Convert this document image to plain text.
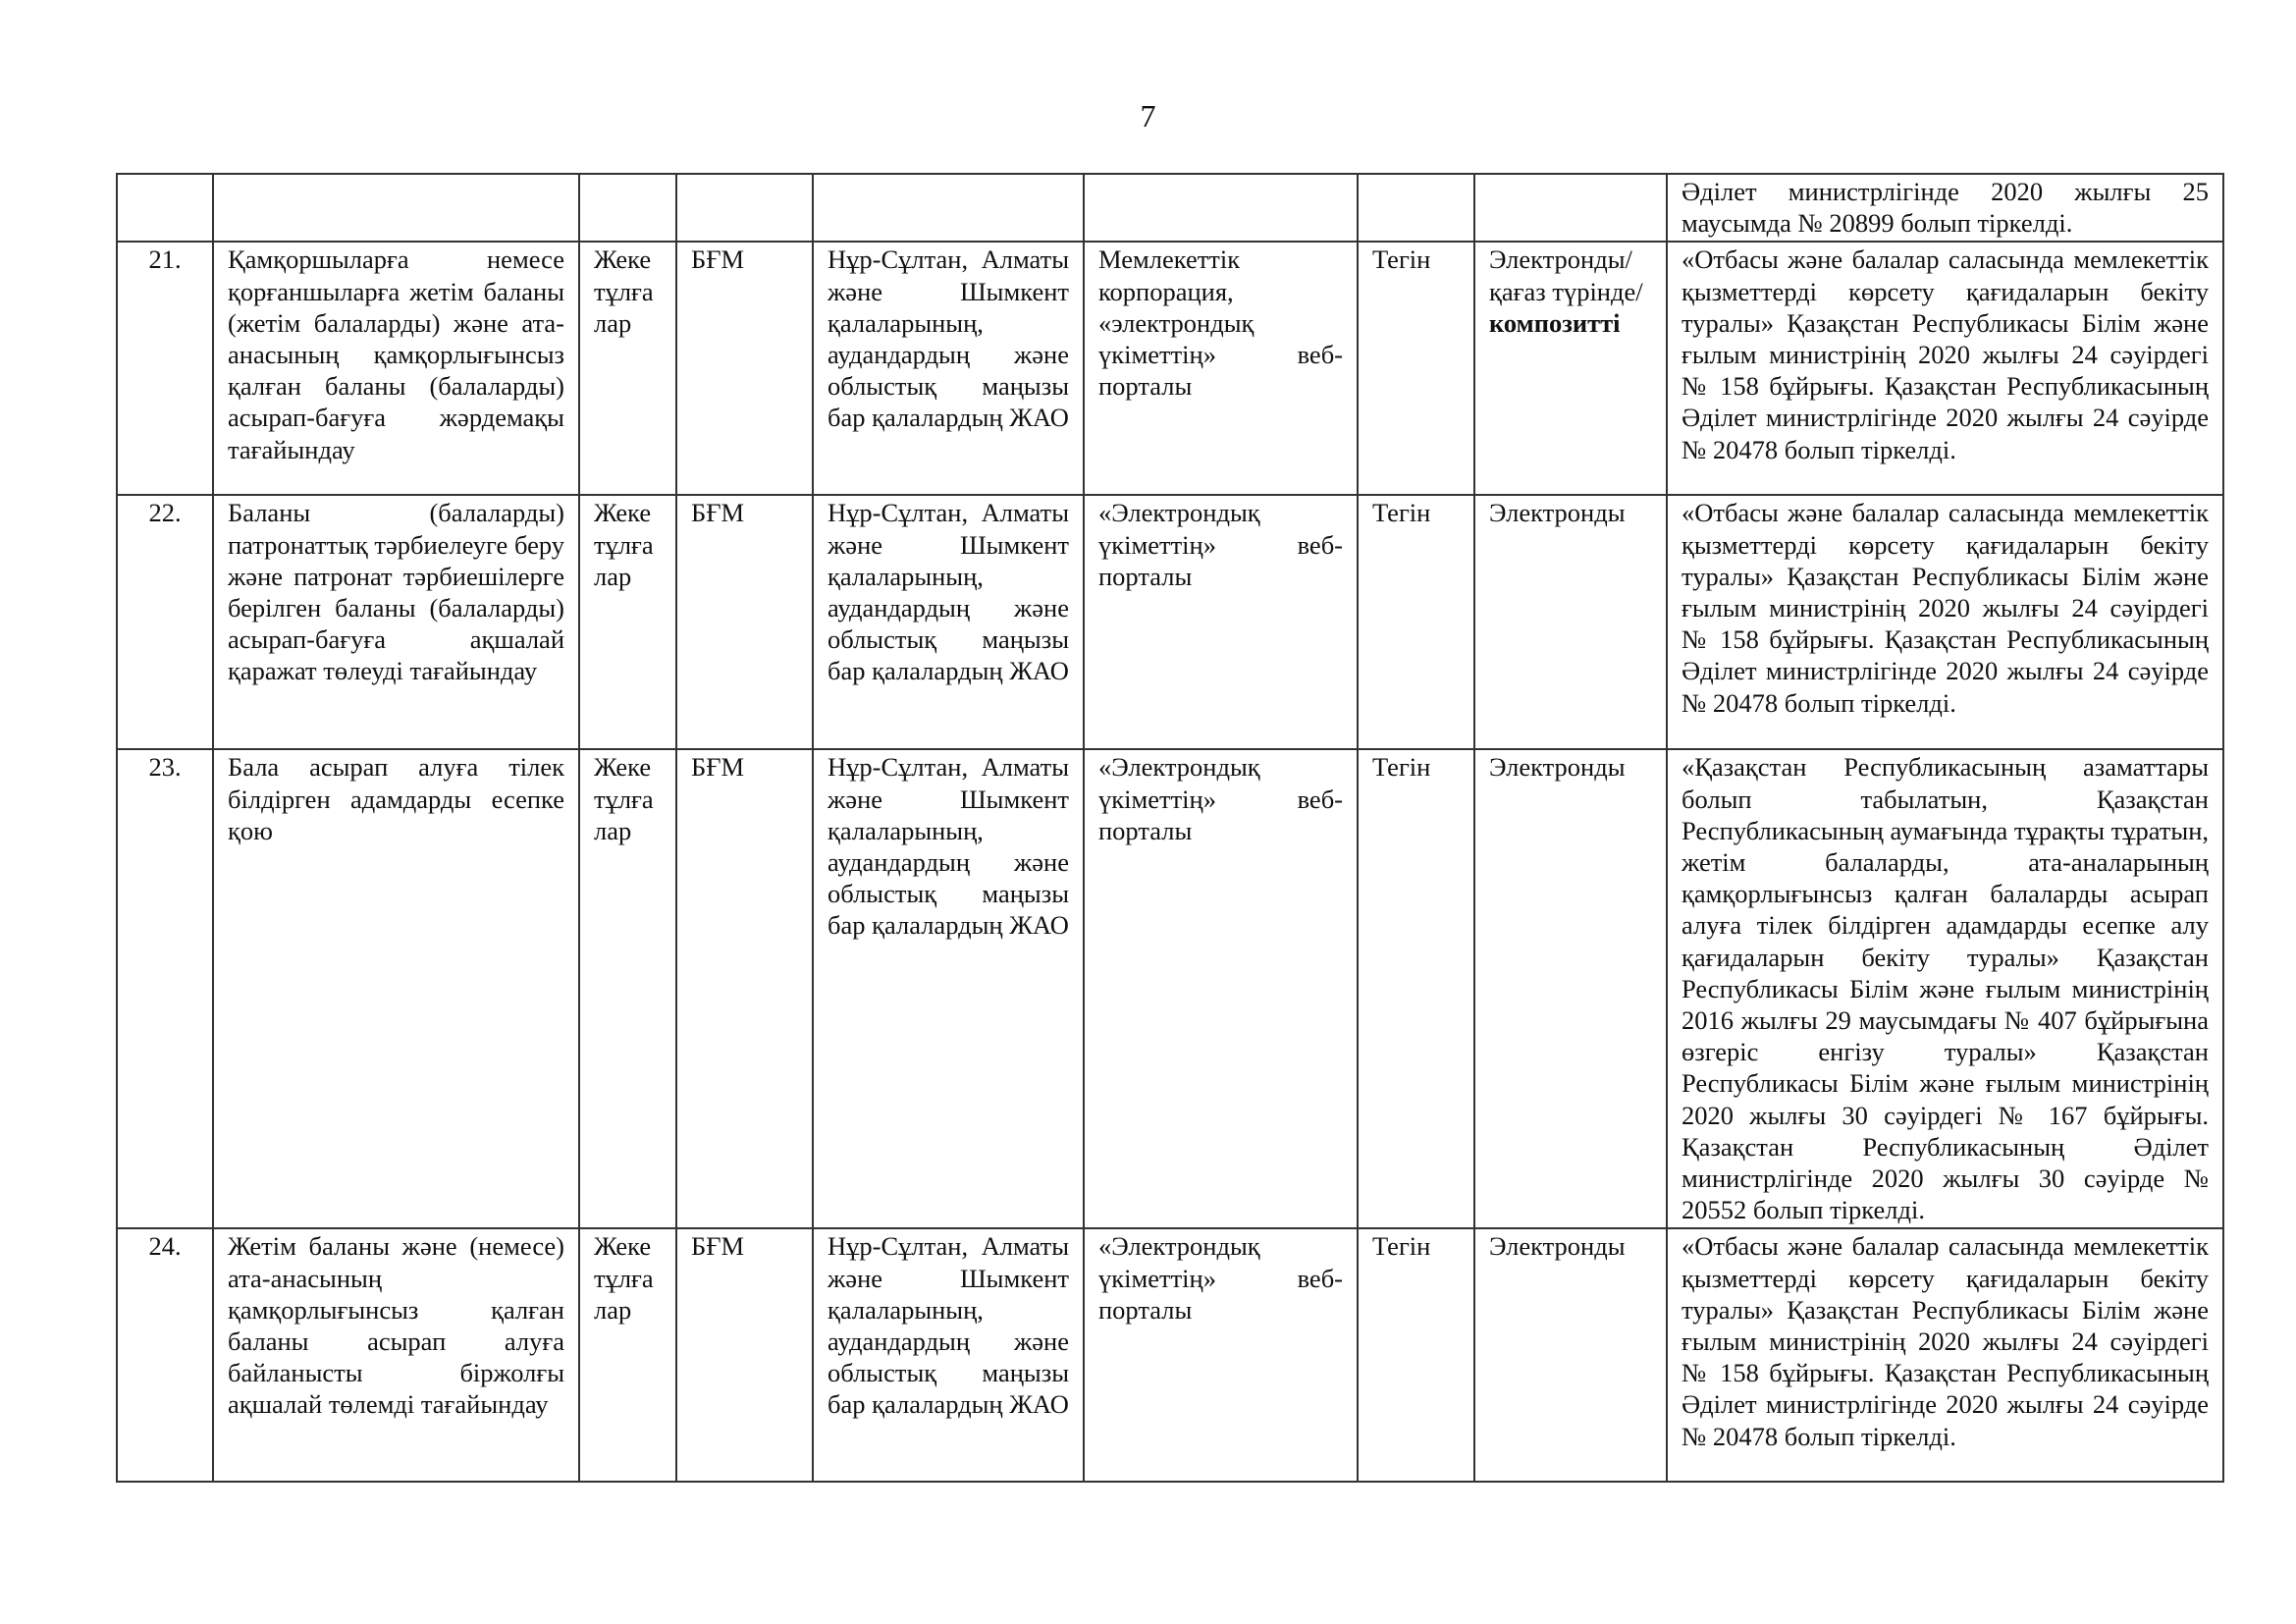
7
								Әділет министрлігінде 2020 жылғы 25 маусымда № 20899 болып тіркелді.
21.	Қамқоршыларға немесе қорғаншыларға жетім баланы (жетім балаларды) және ата-анасының қамқорлығынсыз қалған баланы (балаларды) асырап-бағуға жәрдемақы тағайындау	Жеке тұлға лар	БҒМ	Нұр-Сұлтан, Алматы және Шымкент қалаларының, аудандардың және облыстық маңызы бар қалалардың ЖАО	Мемлекеттік корпорация, «электрондық үкіметтің» веб-порталы	Тегін	Электронды/ қағаз түрінде/композитті	«Отбасы және балалар саласында мемлекеттік қызметтерді көрсету қағидаларын бекіту туралы» Қазақстан Республикасы Білім және ғылым министрінің 2020 жылғы 24 сәуірдегі № 158 бұйрығы. Қазақстан Республикасының Әділет министрлігінде 2020 жылғы 24 сәуірде № 20478 болып тіркелді.
22.	Баланы (балаларды) патронаттық тәрбиелеуге беру және патронат тәрбиешілерге берілген баланы (балаларды) асырап-бағуға ақшалай қаражат төлеуді тағайындау	Жеке тұлға лар	БҒМ	Нұр-Сұлтан, Алматы және Шымкент қалаларының, аудандардың және облыстық маңызы бар қалалардың ЖАО	«Электрондық үкіметтің» веб-порталы	Тегін	Электронды	«Отбасы және балалар саласында мемлекеттік қызметтерді көрсету қағидаларын бекіту туралы» Қазақстан Республикасы Білім және ғылым министрінің 2020 жылғы 24 сәуірдегі № 158 бұйрығы. Қазақстан Республикасының Әділет министрлігінде 2020 жылғы 24 сәуірде № 20478 болып тіркелді.
23.	Бала асырап алуға тілек білдірген адамдарды есепке қою	Жеке тұлға лар	БҒМ	Нұр-Сұлтан, Алматы және Шымкент қалаларының, аудандардың және облыстық маңызы бар қалалардың ЖАО	«Электрондық үкіметтің» веб-порталы	Тегін	Электронды	«Қазақстан Республикасының азаматтары болып табылатын, Қазақстан Республикасының аумағында тұрақты тұратын, жетім балаларды, ата-аналарының қамқорлығынсыз қалған балаларды асырап алуға тілек білдірген адамдарды есепке алу қағидаларын бекіту туралы» Қазақстан Республикасы Білім және ғылым министрінің 2016 жылғы 29 маусымдағы № 407 бұйрығына өзгеріс енгізу туралы» Қазақстан Республикасы Білім және ғылым министрінің 2020 жылғы 30 сәуірдегі № 167 бұйрығы. Қазақстан Республикасының Әділет министрлігінде 2020 жылғы 30 сәуірде № 20552 болып тіркелді.
24.	Жетім баланы және (немесе) ата-анасының қамқорлығынсыз қалған баланы асырап алуға байланысты біржолғы ақшалай төлемді тағайындау	Жеке тұлға лар	БҒМ	Нұр-Сұлтан, Алматы және Шымкент қалаларының, аудандардың және облыстық маңызы бар қалалардың ЖАО	«Электрондық үкіметтің» веб-порталы	Тегін	Электронды	«Отбасы және балалар саласында мемлекеттік қызметтерді көрсету қағидаларын бекіту туралы» Қазақстан Республикасы Білім және ғылым министрінің 2020 жылғы 24 сәуірдегі № 158 бұйрығы. Қазақстан Республикасының Әділет министрлігінде 2020 жылғы 24 сәуірде № 20478 болып тіркелді.
